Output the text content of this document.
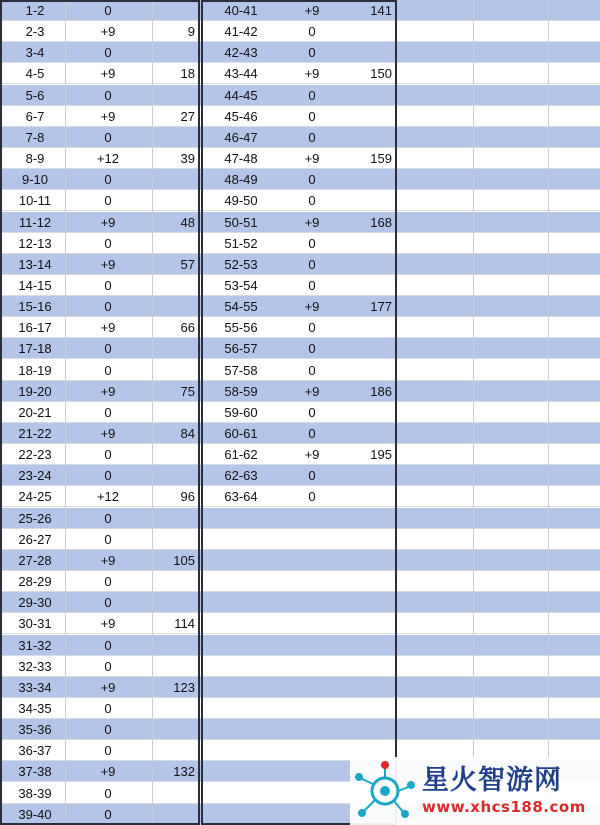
1-2	0
2-3	+9	9
3-4	0
4-5	+9	18
5-6	0
6-7	+9	27
7-8	0
8-9	+12	39
9-10	0
10-11	0
11-12	+9	48
12-13	0
13-14	+9	57
14-15	0
15-16	0
16-17	+9	66
17-18	0
18-19	0
19-20	+9	75
20-21	0
21-22	+9	84
22-23	0
23-24	0
24-25	+12	96
25-26	0
26-27	0
27-28	+9	105
28-29	0
29-30	0
30-31	+9	114
31-32	0
32-33	0
33-34	+9	123
34-35	0
35-36	0
36-37	0
37-38	+9	132
38-39	0
39-40	0
40-41	+9	141
41-42	0
42-43	0
43-44	+9	150
44-45	0
45-46	0
46-47	0
47-48	+9	159
48-49	0
49-50	0
50-51	+9	168
51-52	0
52-53	0
53-54	0
54-55	+9	177
55-56	0
56-57	0
57-58	0
58-59	+9	186
59-60	0
60-61	0
61-62	+9	195
62-63	0
63-64	0
星火智游网
www.xhcs188.com
